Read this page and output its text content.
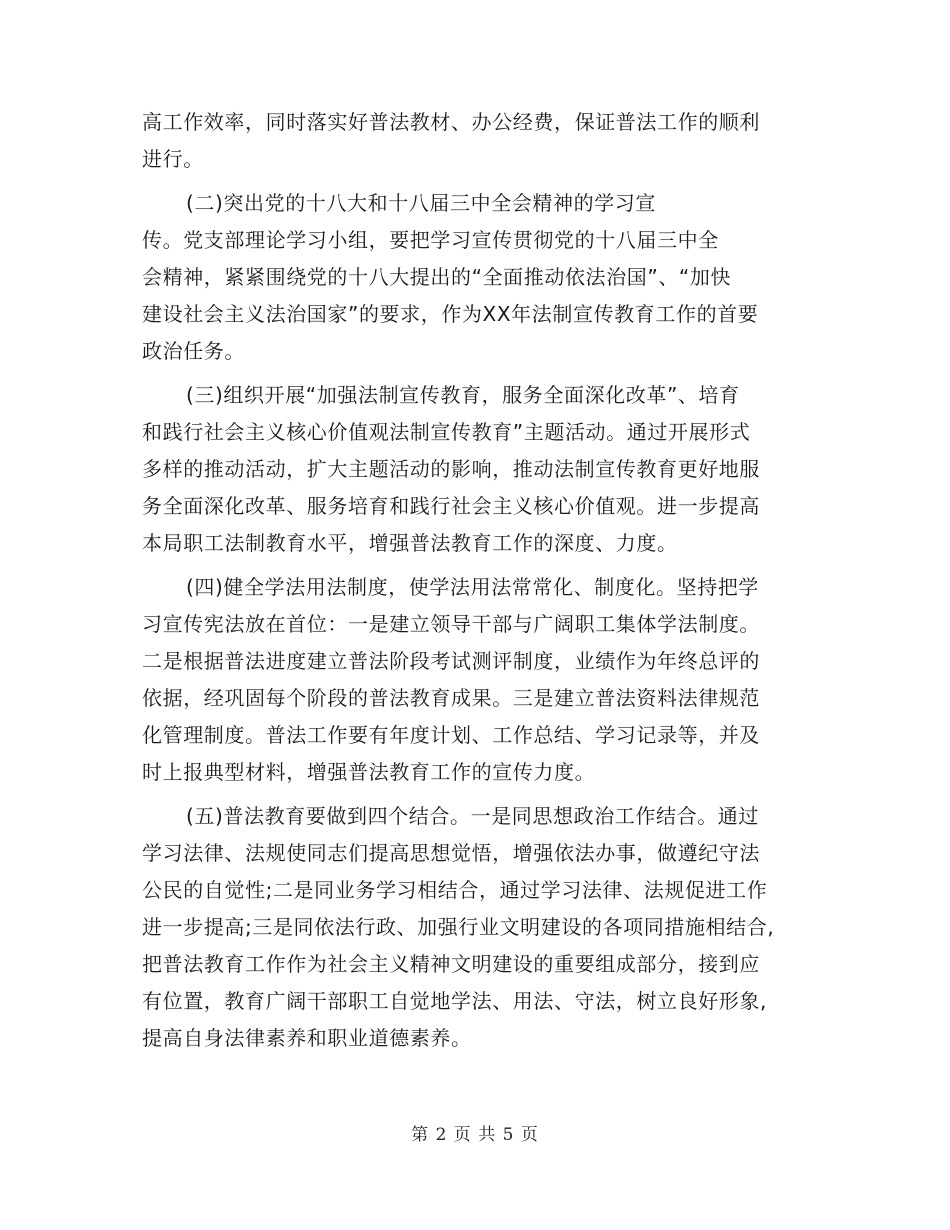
高工作效率，同时落实好普法教材、办公经费，保证普法工作的顺利

进行。

(二)突出党的十八大和十八届三中全会精神的学习宣

传。党支部理论学习小组，要把学习宣传贯彻党的十八届三中全

会精神，紧紧围绕党的十八大提出的“全面推动依法治国”、“加快

建设社会主义法治国家”的要求，作为XX年法制宣传教育工作的首要

政治任务。

(三)组织开展“加强法制宣传教育，服务全面深化改革”、培育

和践行社会主义核心价值观法制宣传教育”主题活动。通过开展形式

多样的推动活动，扩大主题活动的影响，推动法制宣传教育更好地服

务全面深化改革、服务培育和践行社会主义核心价值观。进一步提高

本局职工法制教育水平，增强普法教育工作的深度、力度。

(四)健全学法用法制度，使学法用法常常化、制度化。坚持把学

习宣传宪法放在首位：一是建立领导干部与广阔职工集体学法制度。

二是根据普法进度建立普法阶段考试测评制度，业绩作为年终总评的

依据，经巩固每个阶段的普法教育成果。三是建立普法资料法律规范

化管理制度。普法工作要有年度计划、工作总结、学习记录等，并及

时上报典型材料，增强普法教育工作的宣传力度。

(五)普法教育要做到四个结合。一是同思想政治工作结合。通过

学习法律、法规使同志们提高思想觉悟，增强依法办事，做遵纪守法

公民的自觉性;二是同业务学习相结合，通过学习法律、法规促进工作

进一步提高;三是同依法行政、加强行业文明建设的各项同措施相结合,

把普法教育工作作为社会主义精神文明建设的重要组成部分，接到应

有位置，教育广阔干部职工自觉地学法、用法、守法，树立良好形象,

提高自身法律素养和职业道德素养。

第 2 页 共 5 页
